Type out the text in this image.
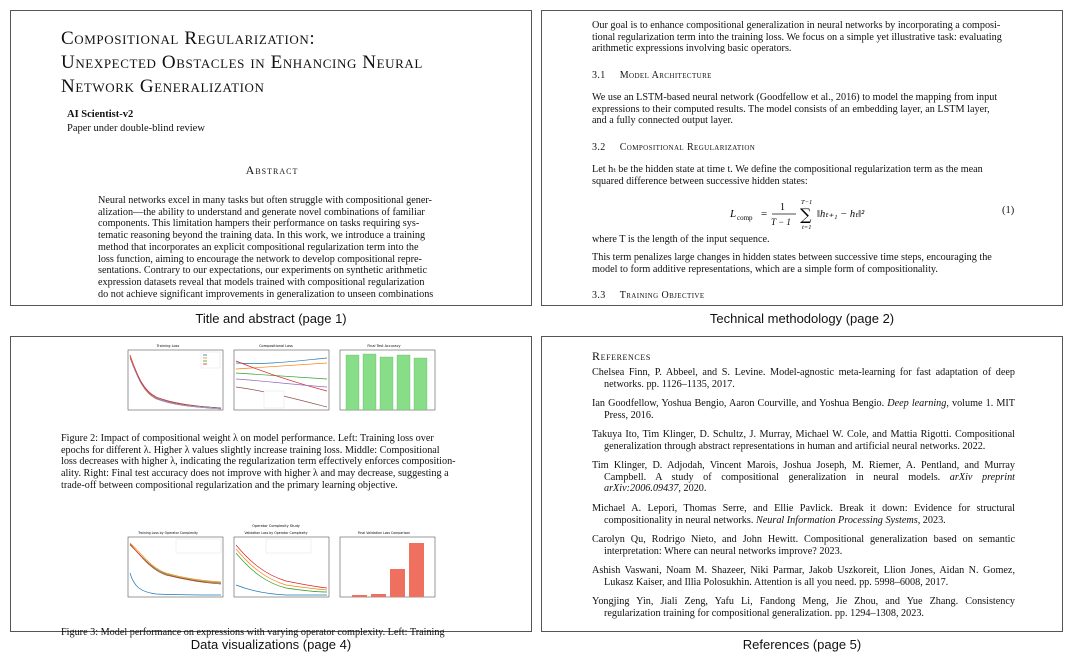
Compositional Regularization:
Unexpected Obstacles in Enhancing Neural
Network Generalization
AI Scientist-v2
Paper under double-blind review
Abstract
Neural networks excel in many tasks but often struggle with compositional gener-
alization—the ability to understand and generate novel combinations of familiar
components. This limitation hampers their performance on tasks requiring sys-
tematic reasoning beyond the training data. In this work, we introduce a training
method that incorporates an explicit compositional regularization term into the
loss function, aiming to encourage the network to develop compositional repre-
sentations. Contrary to our expectations, our experiments on synthetic arithmetic
expression datasets reveal that models trained with compositional regularization
do not achieve significant improvements in generalization to unseen combinations
Title and abstract (page 1)
Our goal is to enhance compositional generalization in neural networks by incorporating a composi-
tional regularization term into the training loss. We focus on a simple yet illustrative task: evaluating
arithmetic expressions involving basic operators.
3.1 Model Architecture
We use an LSTM-based neural network (Goodfellow et al., 2016) to model the mapping from input
expressions to their computed results. The model consists of an embedding layer, an LSTM layer,
and a fully connected output layer.
3.2 Compositional Regularization
Let hₜ be the hidden state at time t. We define the compositional regularization term as the mean
squared difference between successive hidden states:
L comp =
1
T − 1
T−1
∑
t=1
‖hₜ₊₁ − hₜ‖²	(1)
where T is the length of the input sequence.
This term penalizes large changes in hidden states between successive time steps, encouraging the
model to form additive representations, which are a simple form of compositionality.
3.3 Training Objective
Technical methodology (page 2)
Training Loss	Compositional Loss	Final Test Accuracy
Figure 2: Impact of compositional weight λ on model performance. Left: Training loss over
epochs for different λ. Higher λ values slightly increase training loss. Middle: Compositional
loss decreases with higher λ, indicating the regularization term effectively enforces composition-
ality. Right: Final test accuracy does not improve with higher λ and may decrease, suggesting a
trade-off between compositional regularization and the primary learning objective.
Operator Complexity Study
Training Loss by Operator Complexity	Validation Loss by Operator Complexity	Final Validation Loss Comparison
Figure 3: Model performance on expressions with varying operator complexity. Left: Training
Data visualizations (page 4)
References
Chelsea Finn, P. Abbeel, and S. Levine. Model-agnostic meta-learning for fast adaptation of deep networks. pp. 1126–1135, 2017.
Ian Goodfellow, Yoshua Bengio, Aaron Courville, and Yoshua Bengio. Deep learning, volume 1. MIT Press, 2016.
Takuya Ito, Tim Klinger, D. Schultz, J. Murray, Michael W. Cole, and Mattia Rigotti. Compositional generalization through abstract representations in human and artificial neural networks. 2022.
Tim Klinger, D. Adjodah, Vincent Marois, Joshua Joseph, M. Riemer, A. Pentland, and Murray Campbell. A study of compositional generalization in neural models. arXiv preprint arXiv:2006.09437, 2020.
Michael A. Lepori, Thomas Serre, and Ellie Pavlick. Break it down: Evidence for structural compositionality in neural networks. Neural Information Processing Systems, 2023.
Carolyn Qu, Rodrigo Nieto, and John Hewitt. Compositional generalization based on semantic interpretation: Where can neural networks improve? 2023.
Ashish Vaswani, Noam M. Shazeer, Niki Parmar, Jakob Uszkoreit, Llion Jones, Aidan N. Gomez, Lukasz Kaiser, and Illia Polosukhin. Attention is all you need. pp. 5998–6008, 2017.
Yongjing Yin, Jiali Zeng, Yafu Li, Fandong Meng, Jie Zhou, and Yue Zhang. Consistency regularization training for compositional generalization. pp. 1294–1308, 2023.
References (page 5)
